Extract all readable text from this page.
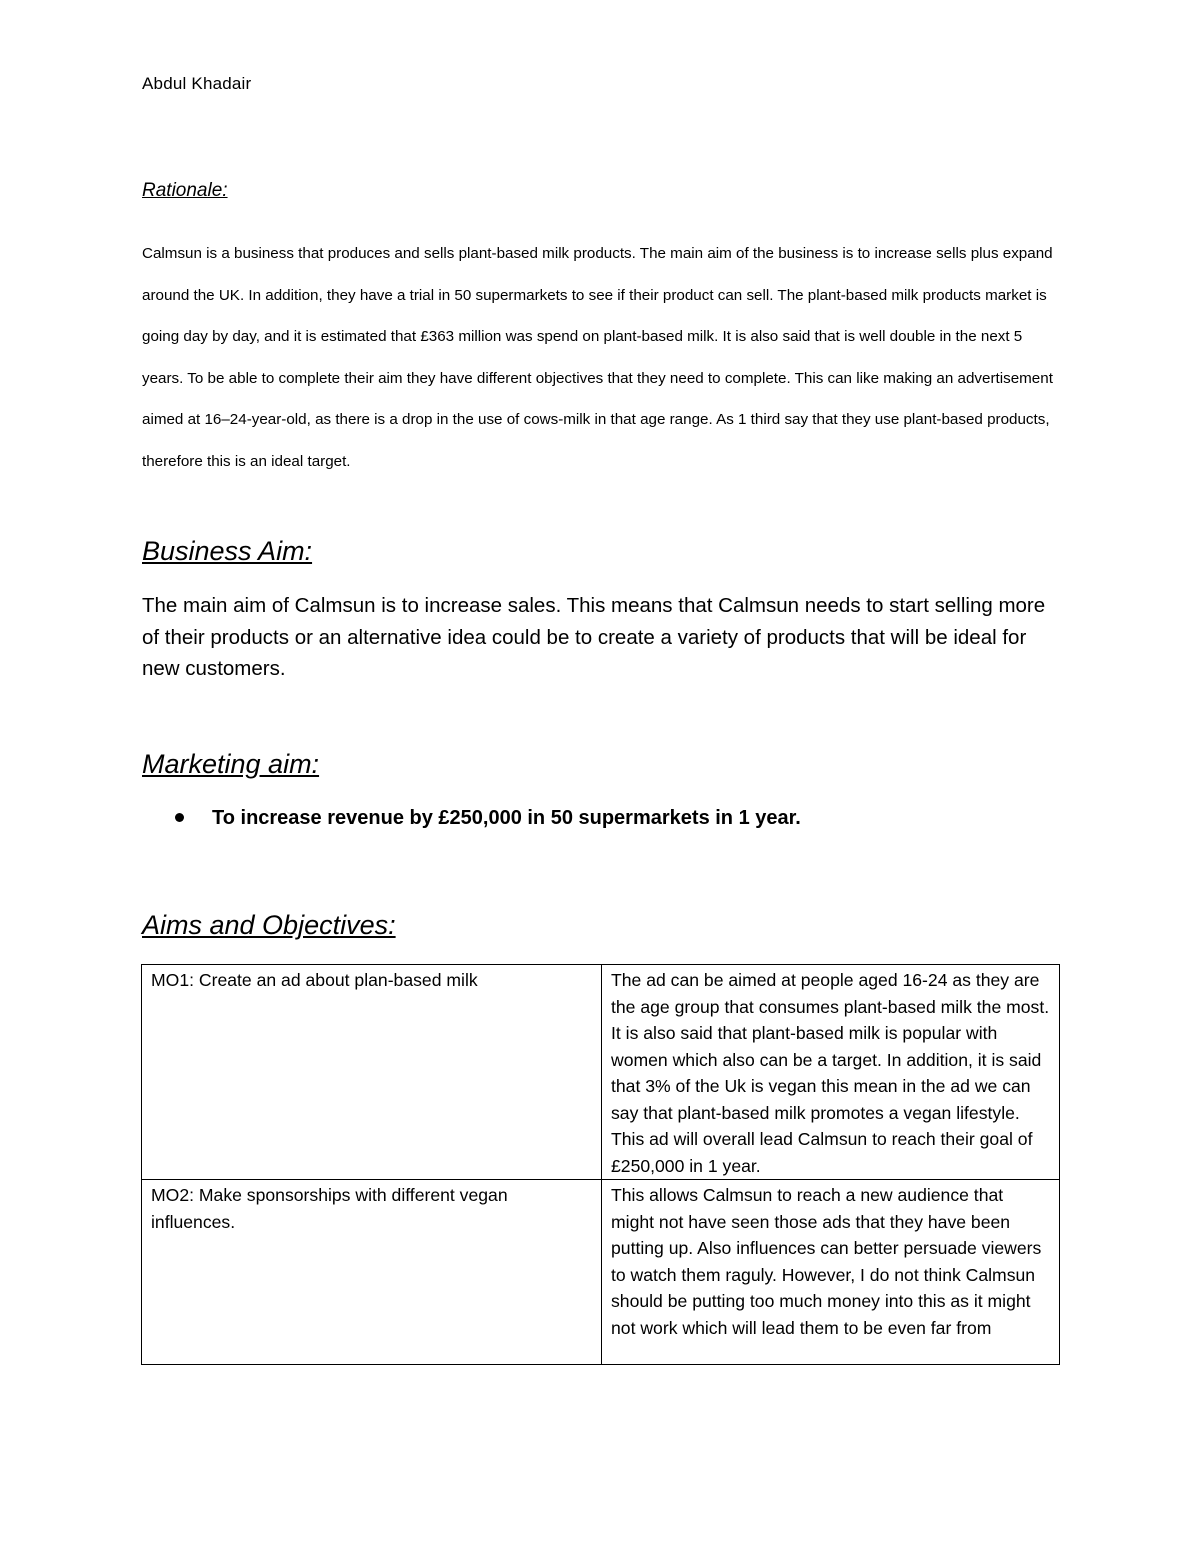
Abdul Khadair
Rationale:

Calmsun is a business that produces and sells plant-based milk products. The main aim of the business is to increase sells plus expand around the UK. In addition, they have a trial in 50 supermarkets to see if their product can sell. The plant-based milk products market is going day by day, and it is estimated that £363 million was spend on plant-based milk. It is also said that is well double in the next 5 years. To be able to complete their aim they have different objectives that they need to complete. This can like making an advertisement aimed at 16–24-year-old, as there is a drop in the use of cows-milk in that age range. As 1 third say that they use plant-based products, therefore this is an ideal target.

Business Aim:

The main aim of Calmsun is to increase sales. This means that Calmsun needs to start selling more of their products or an alternative idea could be to create a variety of products that will be ideal for new customers.

Marketing aim:
To increase revenue by £250,000 in 50 supermarkets in 1 year.
Aims and Objectives:
MO1: Create an ad about plan-based milk	The ad can be aimed at people aged 16-24 as they are the age group that consumes plant-based milk the most. It is also said that plant-based milk is popular with women which also can be a target. In addition, it is said that 3% of the Uk is vegan this mean in the ad we can say that plant-based milk promotes a vegan lifestyle. This ad will overall lead Calmsun to reach their goal of £250,000 in 1 year.
MO2: Make sponsorships with different vegan influences.	This allows Calmsun to reach a new audience that might not have seen those ads that they have been putting up. Also influences can better persuade viewers to watch them raguly. However, I do not think Calmsun should be putting too much money into this as it might not work which will lead them to be even far from
